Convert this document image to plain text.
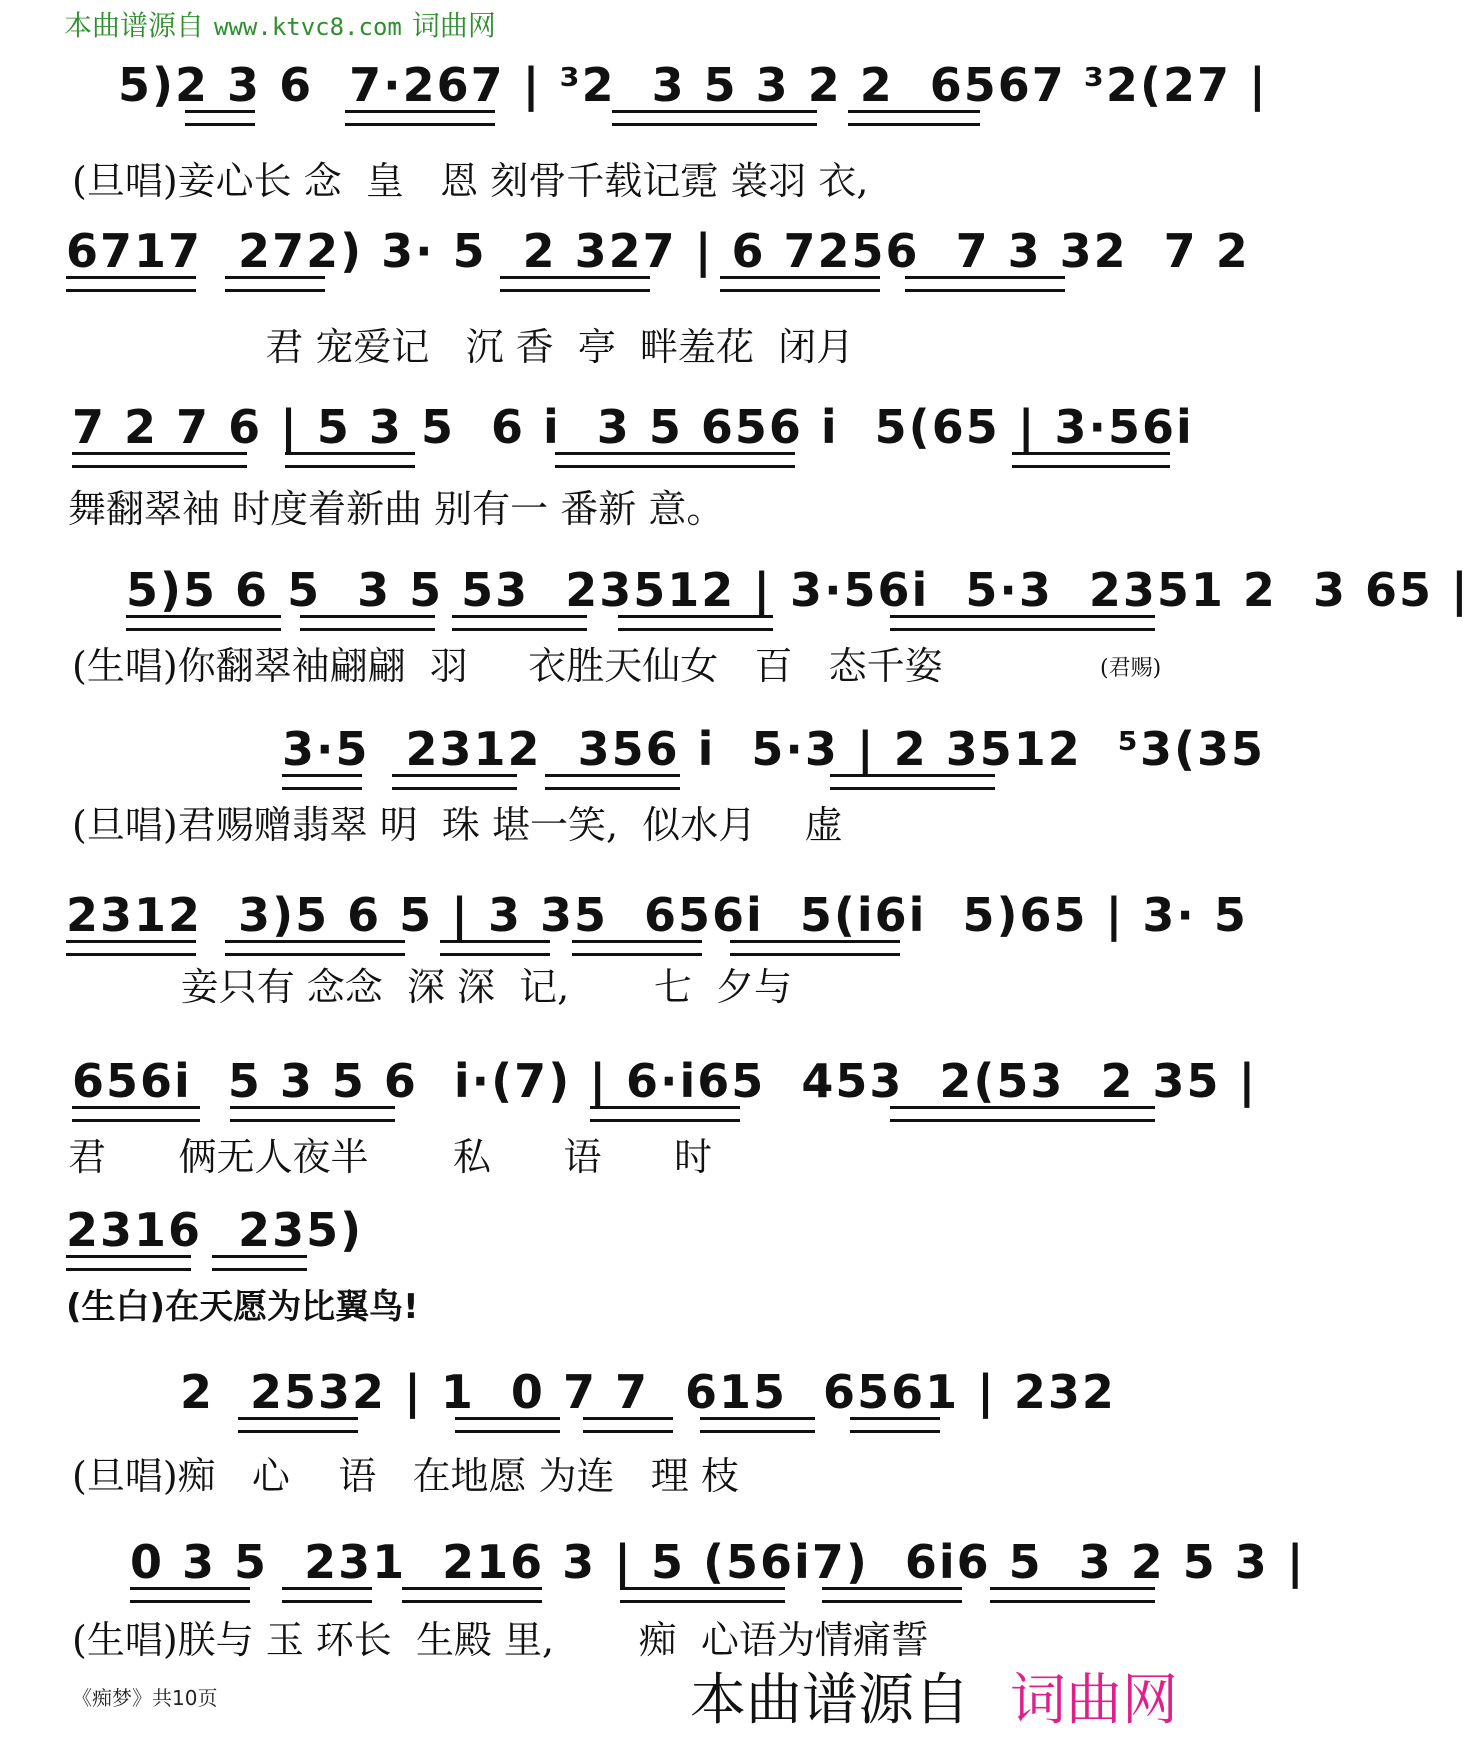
本曲谱源自 www.ktvc8.com 词曲网
5)2 3 6  7·267 | ³2  3 5 3 2 2  6567 ³2(27 |
(旦唱)妾心长 念  皇   恩 刻骨千载记霓 裳羽 衣,
6717  272) 3· 5  2 327 | 6 7256  7 3 32  7 2
君 宠爱记   沉 香  亭  畔羞花  闭月
7 2 7 6 | 5 3 5  6 i  3 5 656 i  5(65 | 3·56i
舞翻翠袖 时度着新曲 别有一 番新 意。
5)5 6 5  3 5 53  23512 | 3·56i  5·3  2351 2  3 65 |
(生唱)你翻翠袖翩翩  羽     衣胜天仙女   百   态千姿	(君赐)
3·5  2312  356 i  5·3 | 2 3512  ⁵3(35
(旦唱)君赐赠翡翠 明  珠 堪一笑,  似水月    虚
2312  3)5 6 5 | 3 35  656i  5(i6i  5)65 | 3· 5
妾只有 念念  深 深  记,       七  夕与
656i  5 3 5 6  i·(7) | 6·i65  453  2(53  2 35 |
君      俩无人夜半       私      语      时
2316  235)
(生白)在天愿为比翼鸟!
2  2532 | 1  0 7 7  615  6561 | 232
(旦唱)痴   心    语   在地愿 为连   理 枝
0 3 5  231  216 3 | 5 (56i7)  6i6 5  3 2 5 3 |
(生唱)朕与 玉 环长  生殿 里,       痴  心语为情痛誓
《痴梦》共10页	本曲谱源自 词曲网
